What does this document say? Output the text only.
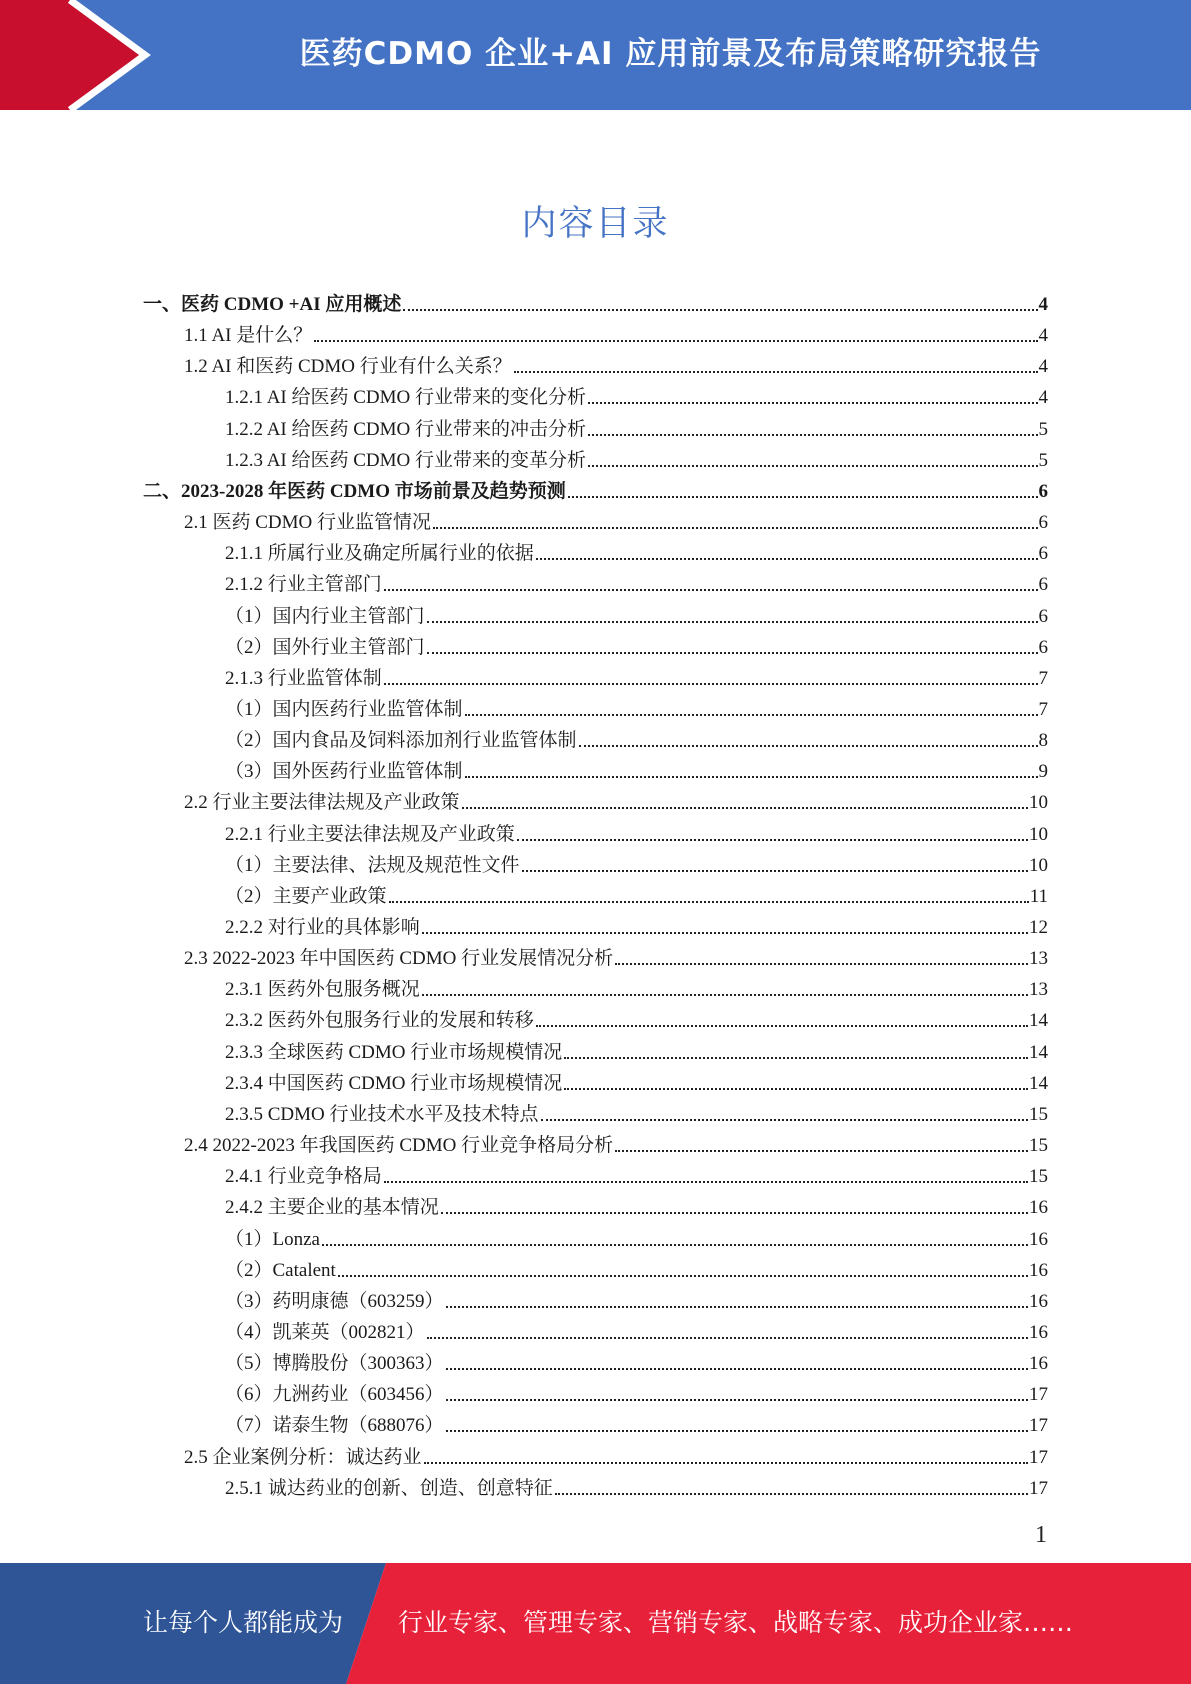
医药CDMO 企业+AI 应用前景及布局策略研究报告
内容目录
一、医药 CDMO +AI 应用概述	4
1.1 AI 是什么？	4
1.2 AI 和医药 CDMO 行业有什么关系？	4
1.2.1 AI 给医药 CDMO 行业带来的变化分析	4
1.2.2 AI 给医药 CDMO 行业带来的冲击分析	5
1.2.3 AI 给医药 CDMO 行业带来的变革分析	5
二、2023-2028 年医药 CDMO 市场前景及趋势预测	6
2.1 医药 CDMO 行业监管情况	6
2.1.1 所属行业及确定所属行业的依据	6
2.1.2 行业主管部门	6
（1）国内行业主管部门	6
（2）国外行业主管部门	6
2.1.3 行业监管体制	7
（1）国内医药行业监管体制	7
（2）国内食品及饲料添加剂行业监管体制	8
（3）国外医药行业监管体制	9
2.2 行业主要法律法规及产业政策	10
2.2.1 行业主要法律法规及产业政策	10
（1）主要法律、法规及规范性文件	10
（2）主要产业政策	11
2.2.2 对行业的具体影响	12
2.3 2022-2023 年中国医药 CDMO 行业发展情况分析	13
2.3.1 医药外包服务概况	13
2.3.2 医药外包服务行业的发展和转移	14
2.3.3 全球医药 CDMO 行业市场规模情况	14
2.3.4 中国医药 CDMO 行业市场规模情况	14
2.3.5 CDMO 行业技术水平及技术特点	15
2.4 2022-2023 年我国医药 CDMO 行业竞争格局分析	15
2.4.1 行业竞争格局	15
2.4.2 主要企业的基本情况	16
（1）Lonza	16
（2）Catalent	16
（3）药明康德（603259）	16
（4）凯莱英（002821）	16
（5）博腾股份（300363）	16
（6）九洲药业（603456）	17
（7）诺泰生物（688076）	17
2.5 企业案例分析：诚达药业	17
2.5.1 诚达药业的创新、创造、创意特征	17
1
让每个人都能成为 行业专家、管理专家、营销专家、战略专家、成功企业家……
